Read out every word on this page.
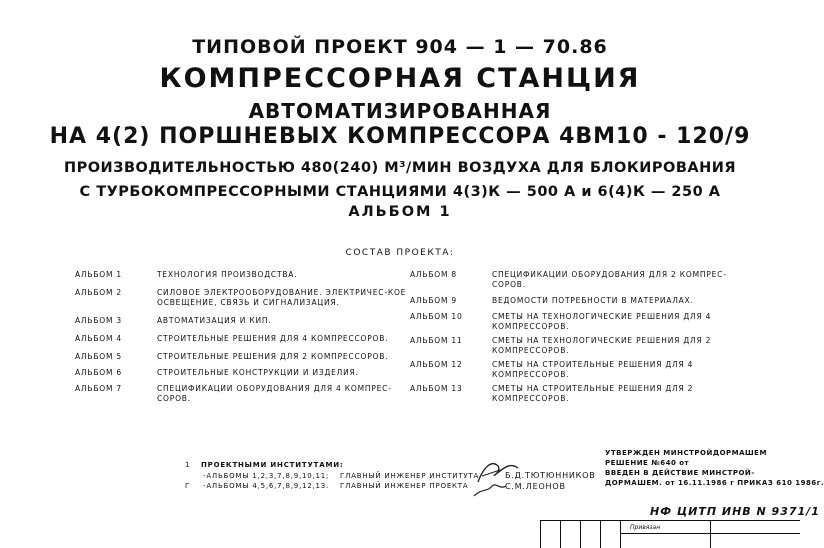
ТИПОВОЙ ПРОЕКТ 904 — 1 — 70.86
КОМПРЕССОРНАЯ СТАНЦИЯ
АВТОМАТИЗИРОВАННАЯ
НА 4(2) ПОРШНЕВЫХ КОМПРЕССОРА 4ВМ10 - 120/9
ПРОИЗВОДИТЕЛЬНОСТЬЮ 480(240) М³/МИН ВОЗДУХА ДЛЯ БЛОКИРОВАНИЯ
С ТУРБОКОМПРЕССОРНЫМИ СТАНЦИЯМИ 4(3)К — 500 А и 6(4)К — 250 А
АЛЬБОМ 1
СОСТАВ ПРОЕКТА:
АЛЬБОМ 1	ТЕХНОЛОГИЯ ПРОИЗВОДСТВА.
АЛЬБОМ 2	СИЛОВОЕ ЭЛЕКТРООБОРУДОВАНИЕ. ЭЛЕКТРИЧЕС-КОЕ ОСВЕЩЕНИЕ, СВЯЗЬ И СИГНАЛИЗАЦИЯ.
АЛЬБОМ 3	АВТОМАТИЗАЦИЯ И КИП.
АЛЬБОМ 4	СТРОИТЕЛЬНЫЕ РЕШЕНИЯ ДЛЯ 4 КОМПРЕССОРОВ.
АЛЬБОМ 5	СТРОИТЕЛЬНЫЕ РЕШЕНИЯ ДЛЯ 2 КОМПРЕССОРОВ.
АЛЬБОМ 6	СТРОИТЕЛЬНЫЕ КОНСТРУКЦИИ И ИЗДЕЛИЯ.
АЛЬБОМ 7	СПЕЦИФИКАЦИИ ОБОРУДОВАНИЯ ДЛЯ 4 КОМПРЕС-СОРОВ.
АЛЬБОМ 8	СПЕЦИФИКАЦИИ ОБОРУДОВАНИЯ ДЛЯ 2 КОМПРЕС-СОРОВ.
АЛЬБОМ 9	ВЕДОМОСТИ ПОТРЕБНОСТИ В МАТЕРИАЛАХ.
АЛЬБОМ 10	СМЕТЫ НА ТЕХНОЛОГИЧЕСКИЕ РЕШЕНИЯ ДЛЯ 4 КОМПРЕССОРОВ.
АЛЬБОМ 11	СМЕТЫ НА ТЕХНОЛОГИЧЕСКИЕ РЕШЕНИЯ ДЛЯ 2 КОМПРЕССОРОВ.
АЛЬБОМ 12	СМЕТЫ НА СТРОИТЕЛЬНЫЕ РЕШЕНИЯ ДЛЯ 4 КОМПРЕССОРОВ.
АЛЬБОМ 13	СМЕТЫ НА СТРОИТЕЛЬНЫЕ РЕШЕНИЯ ДЛЯ 2 КОМПРЕССОРОВ.
1 ПРОЕКТНЫМИ ИНСТИТУТАМИ:
-АЛЬБОМЫ 1,2,3,7,8,9,10,11; ГЛАВНЫЙ ИНЖЕНЕР ИНСТИТУТА
Г -АЛЬБОМЫ 4,5,6,7,8,9,12,13. ГЛАВНЫЙ ИНЖЕНЕР ПРОЕКТА
Б.Д.ТЮТЮННИКОВ
С.М.ЛЕОНОВ
УТВЕРЖДЕН МИНСТРОЙДОРМАШЕМ
РЕШЕНИЕ №640 от
ВВЕДЕН В ДЕЙСТВИЕ МИНСТРОЙ-
ДОРМАШЕМ. от 16.11.1986 г ПРИКАЗ 610 1986г.
Привязан
НФ ЦИТП ИНВ N 9371/1
